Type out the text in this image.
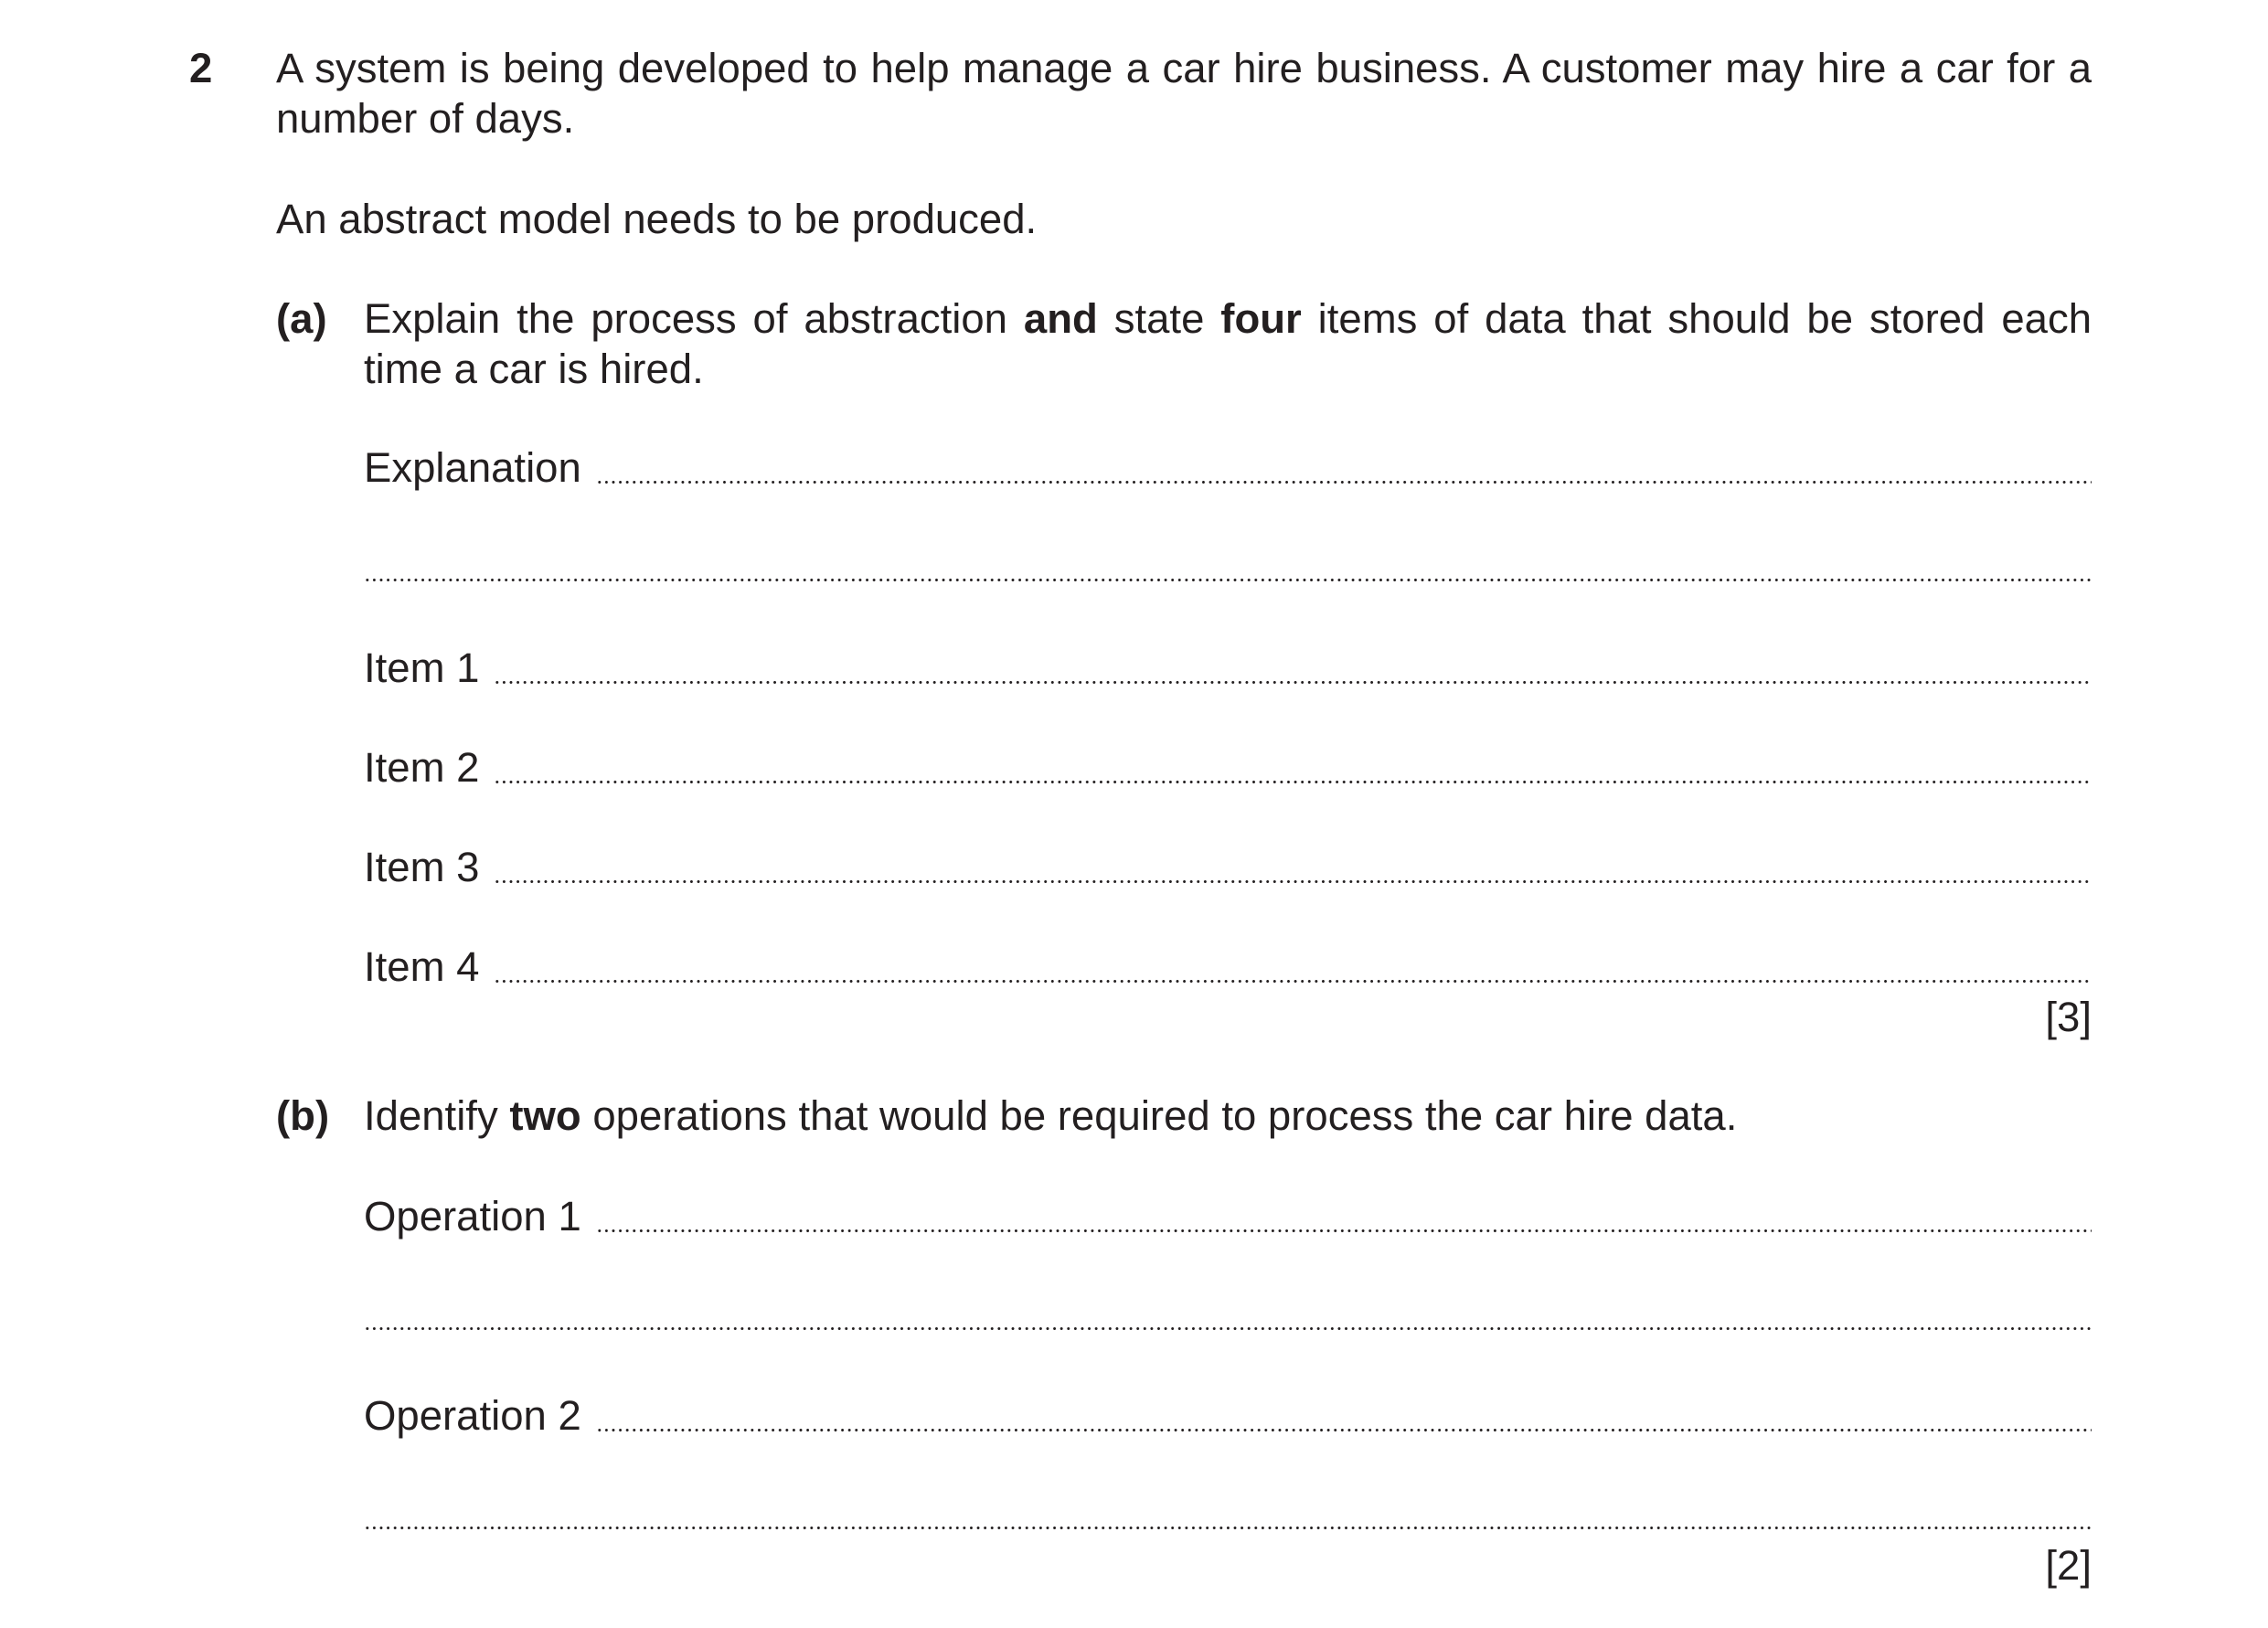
2 A system is being developed to help manage a car hire business. A customer may hire a car for a number of days.
An abstract model needs to be produced.
(a) Explain the process of abstraction and state four items of data that should be stored each time a car is hired.
Explanation
Item 1
Item 2
Item 3
Item 4
[3]
(b) Identify two operations that would be required to process the car hire data.
Operation 1
Operation 2
[2]
